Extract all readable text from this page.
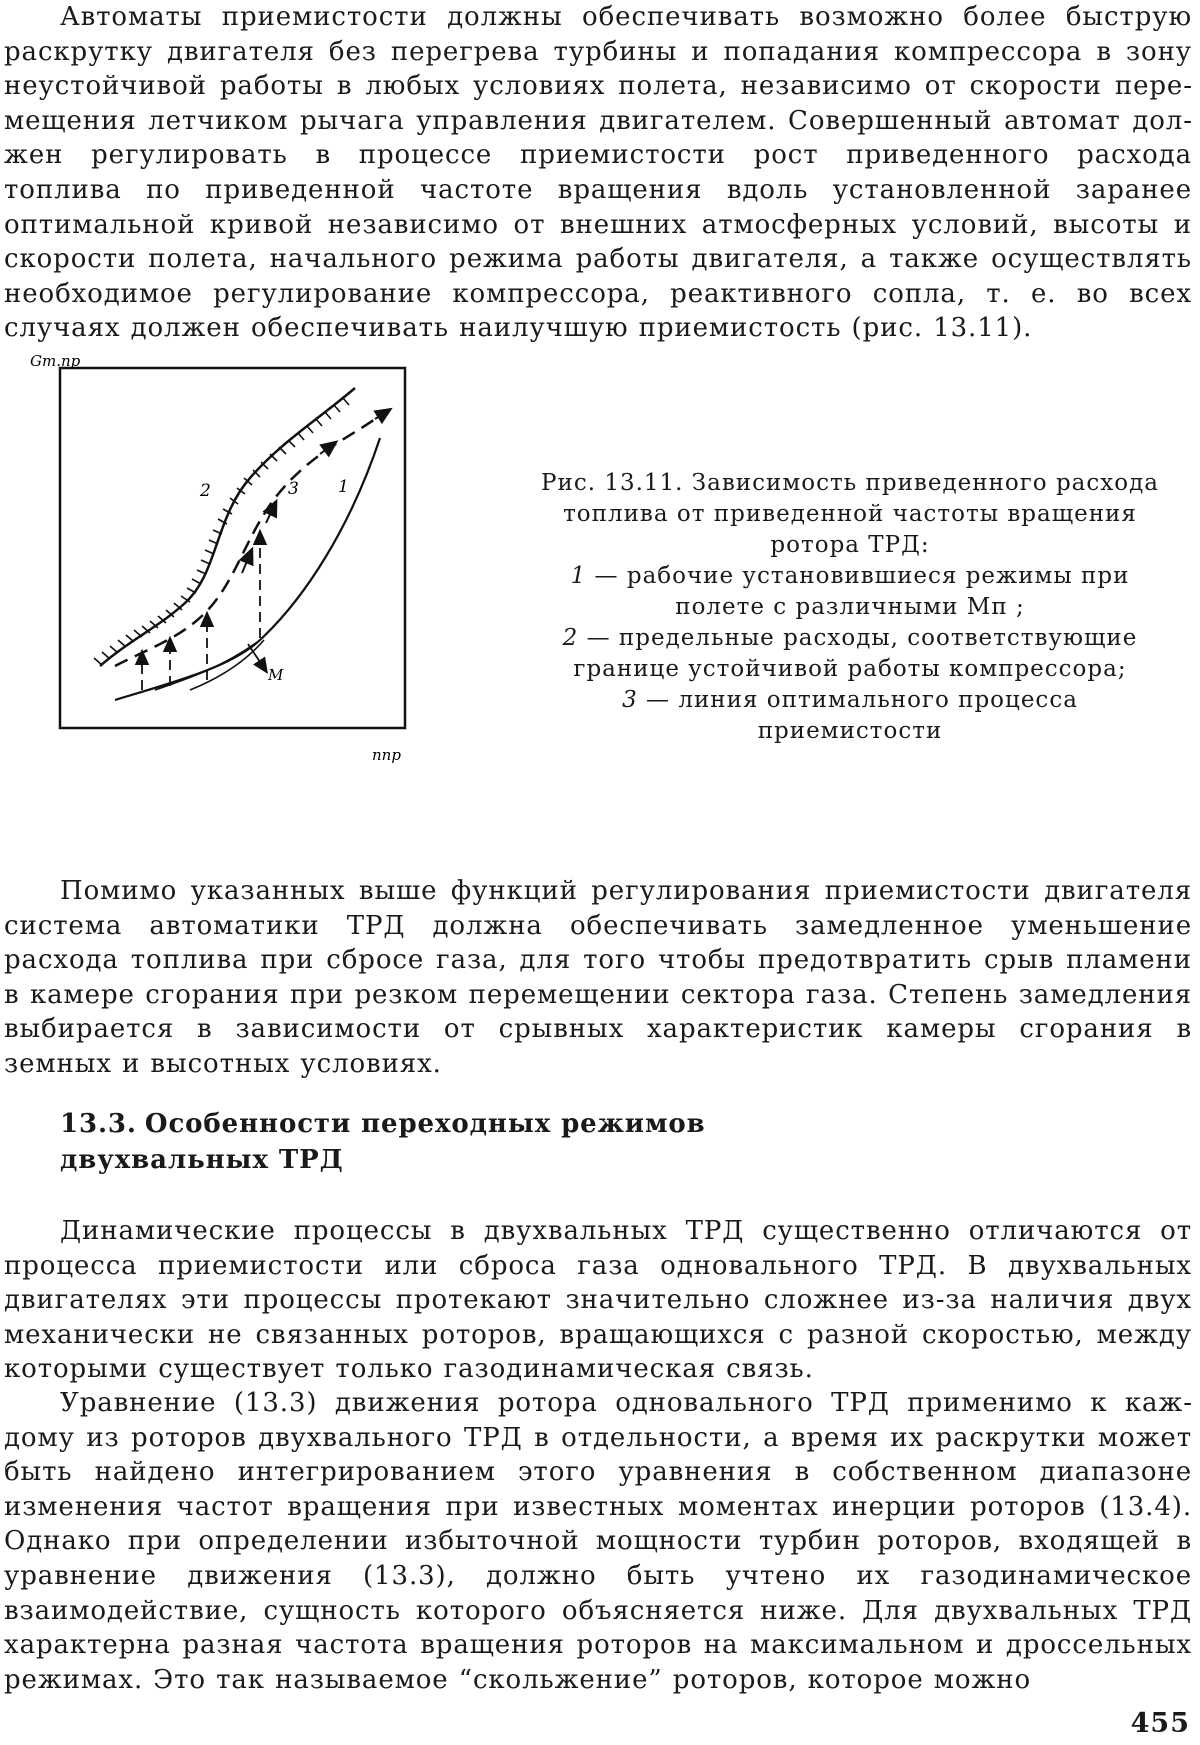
Автоматы приемистости должны обеспечивать возможно более быструю раскрутку двигателя без перегрева турбины и попадания компрессора в зону неустойчивой работы в любых условиях полета, независимо от скорости перемещения летчиком рычага управления двигателем. Совершенный автомат должен регулировать в процессе приемистости рост приведенного расхода топлива по приведенной частоте вращения вдоль установленной заранее оптимальной кривой независимо от внешних атмосферных условий, высоты и скорости полета, начального режима работы двигателя, а также осуществлять необходимое регулирование компрессора, реактивного сопла, т. е. во всех случаях должен обеспечивать наилучшую приемистость (рис. 13.11).
Gт.пр
nпр
2	3 1
M
Рис. 13.11. Зависимость приведенного расхода топлива от приведенной частоты вращения ротора ТРД:
1 — рабочие установившиеся режимы при полете с различными Mп ;
2 — предельные расходы, соответствующие границе устойчивой работы компрессора;
3 — линия оптимального процесса приемистости
Помимо указанных выше функций регулирования приемистости двигателя система автоматики ТРД должна обеспечивать замедленное уменьшение расхода топлива при сбросе газа, для того чтобы предотвратить срыв пламени в камере сгорания при резком перемещении сектора газа. Степень замедления выбирается в зависимости от срывных характеристик камеры сгорания в земных и высотных условиях.
13.3. Особенности переходных режимов
двухвальных ТРД
Динамические процессы в двухвальных ТРД существенно отличаются от процесса приемистости или сброса газа одновального ТРД. В двухвальных двигателях эти процессы протекают значительно сложнее из-за наличия двух механически не связанных роторов, вращающихся с разной скоростью, между которыми существует только газодинамическая связь.
Уравнение (13.3) движения ротора одновального ТРД применимо к каждому из роторов двухвального ТРД в отдельности, а время их раскрутки может быть найдено интегрированием этого уравнения в собственном диапазоне изменения частот вращения при известных моментах инерции роторов (13.4). Однако при определении избыточной мощности турбин роторов, входящей в уравнение движения (13.3), должно быть учтено их газодинамическое взаимодействие, сущность которого объясняется ниже. Для двухвальных ТРД характерна разная частота вращения роторов на максимальном и дроссельных режимах. Это так называемое “скольжение” роторов, которое можно
455
